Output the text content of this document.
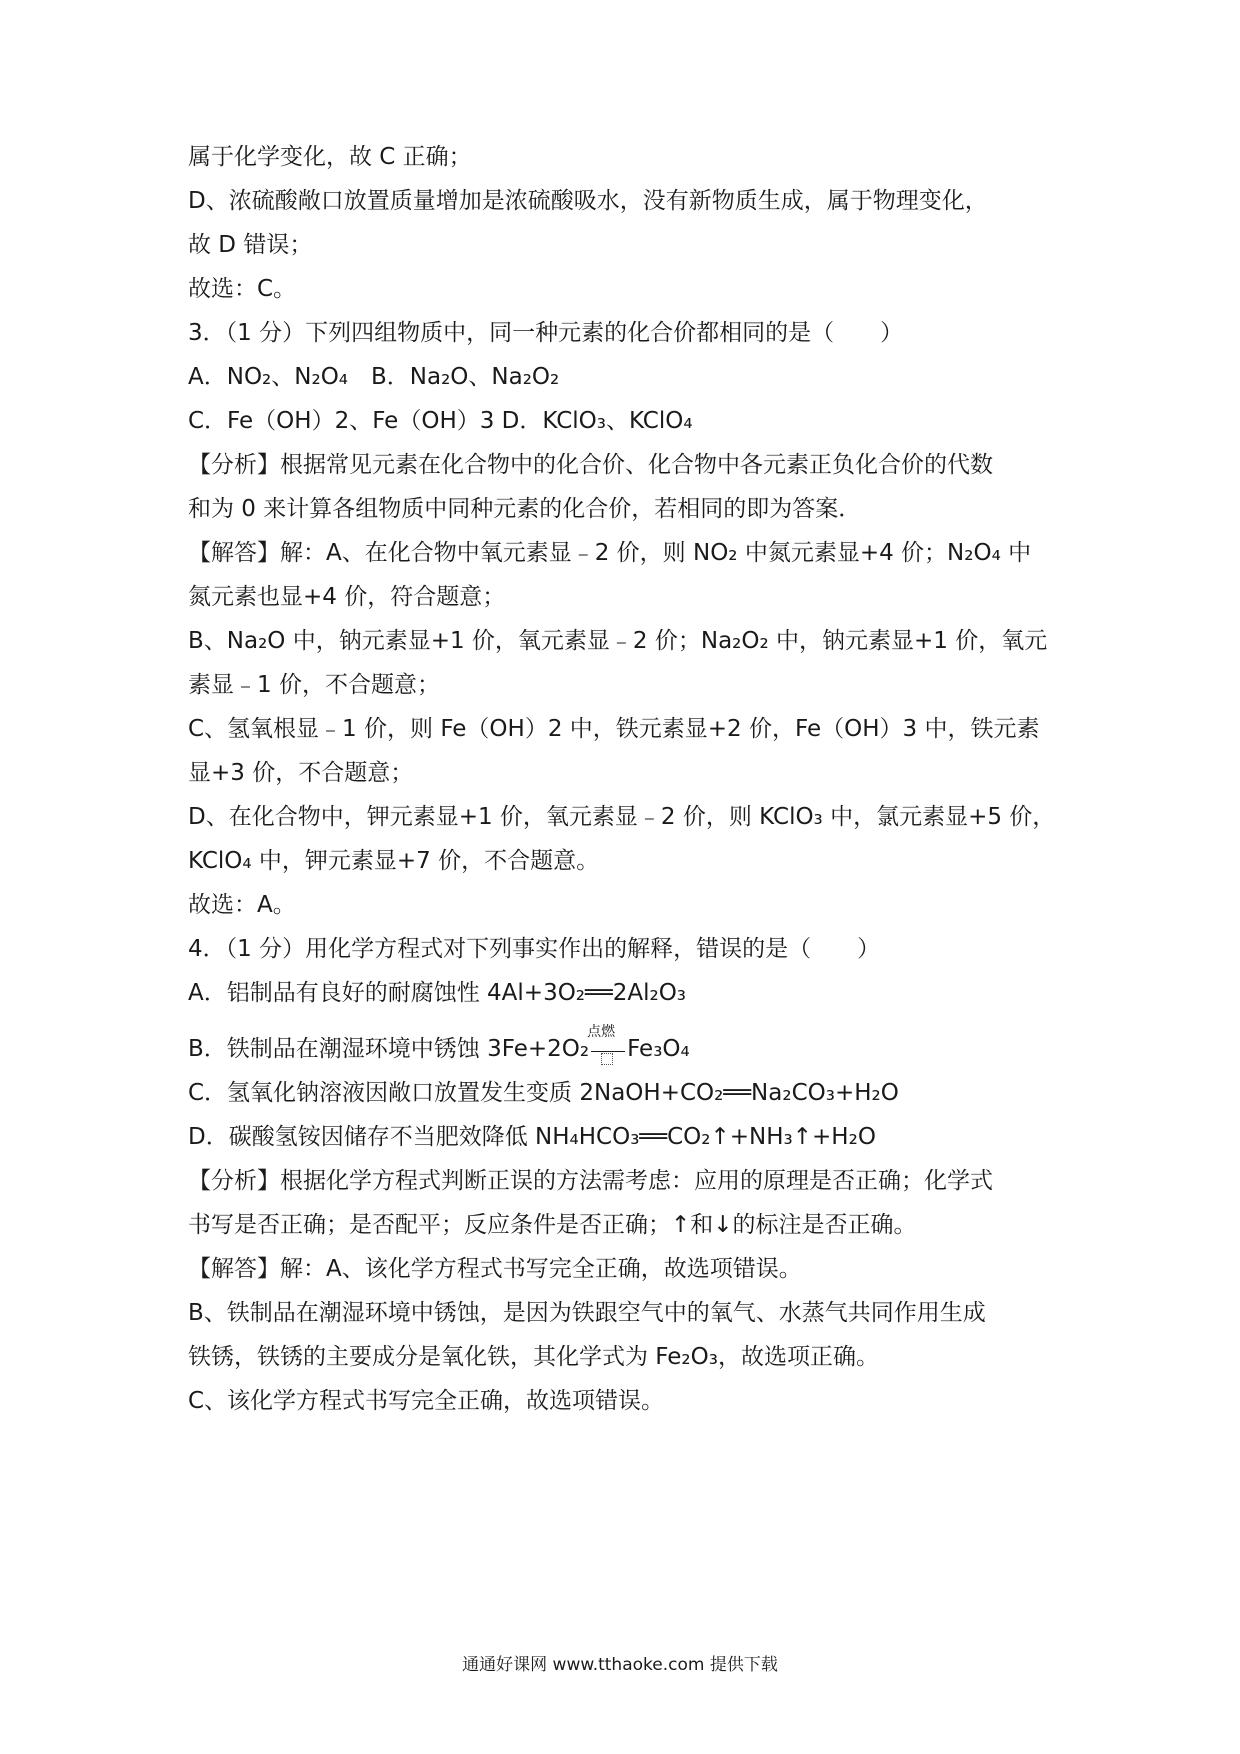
属于化学变化，故 C 正确；
D、浓硫酸敞口放置质量增加是浓硫酸吸水，没有新物质生成，属于物理变化，
故 D 错误；
故选：C。
3．（1 分）下列四组物质中，同一种元素的化合价都相同的是（　　）
A．NO₂、N₂O₄　B．Na₂O、Na₂O₂
C．Fe（OH）2、Fe（OH）3 D．KClO₃、KClO₄
【分析】根据常见元素在化合物中的化合价、化合物中各元素正负化合价的代数
和为 0 来计算各组物质中同种元素的化合价，若相同的即为答案．
【解答】解：A、在化合物中氧元素显﹣2 价，则 NO₂ 中氮元素显+4 价；N₂O₄ 中
氮元素也显+4 价，符合题意；
B、Na₂O 中，钠元素显+1 价，氧元素显﹣2 价；Na₂O₂ 中，钠元素显+1 价，氧元
素显﹣1 价，不合题意；
C、氢氧根显﹣1 价，则 Fe（OH）2 中，铁元素显+2 价，Fe（OH）3 中，铁元素
显+3 价，不合题意；
D、在化合物中，钾元素显+1 价，氧元素显﹣2 价，则 KClO₃ 中，氯元素显+5 价，
KClO₄ 中，钾元素显+7 价，不合题意。
故选：A。
4．（1 分）用化学方程式对下列事实作出的解释，错误的是（　　）
A．铝制品有良好的耐腐蚀性 4Al+3O₂══2Al₂O₃
B．铁制品在潮湿环境中锈蚀 3Fe+2O₂
点燃
Fe₃O₄
C．氢氧化钠溶液因敞口放置发生变质 2NaOH+CO₂══Na₂CO₃+H₂O
D．碳酸氢铵因储存不当肥效降低 NH₄HCO₃══CO₂↑+NH₃↑+H₂O
【分析】根据化学方程式判断正误的方法需考虑：应用的原理是否正确；化学式
书写是否正确；是否配平；反应条件是否正确；↑和↓的标注是否正确。
【解答】解：A、该化学方程式书写完全正确，故选项错误。
B、铁制品在潮湿环境中锈蚀，是因为铁跟空气中的氧气、水蒸气共同作用生成
铁锈，铁锈的主要成分是氧化铁，其化学式为 Fe₂O₃，故选项正确。
C、该化学方程式书写完全正确，故选项错误。
通通好课网 www.tthaoke.com 提供下载
